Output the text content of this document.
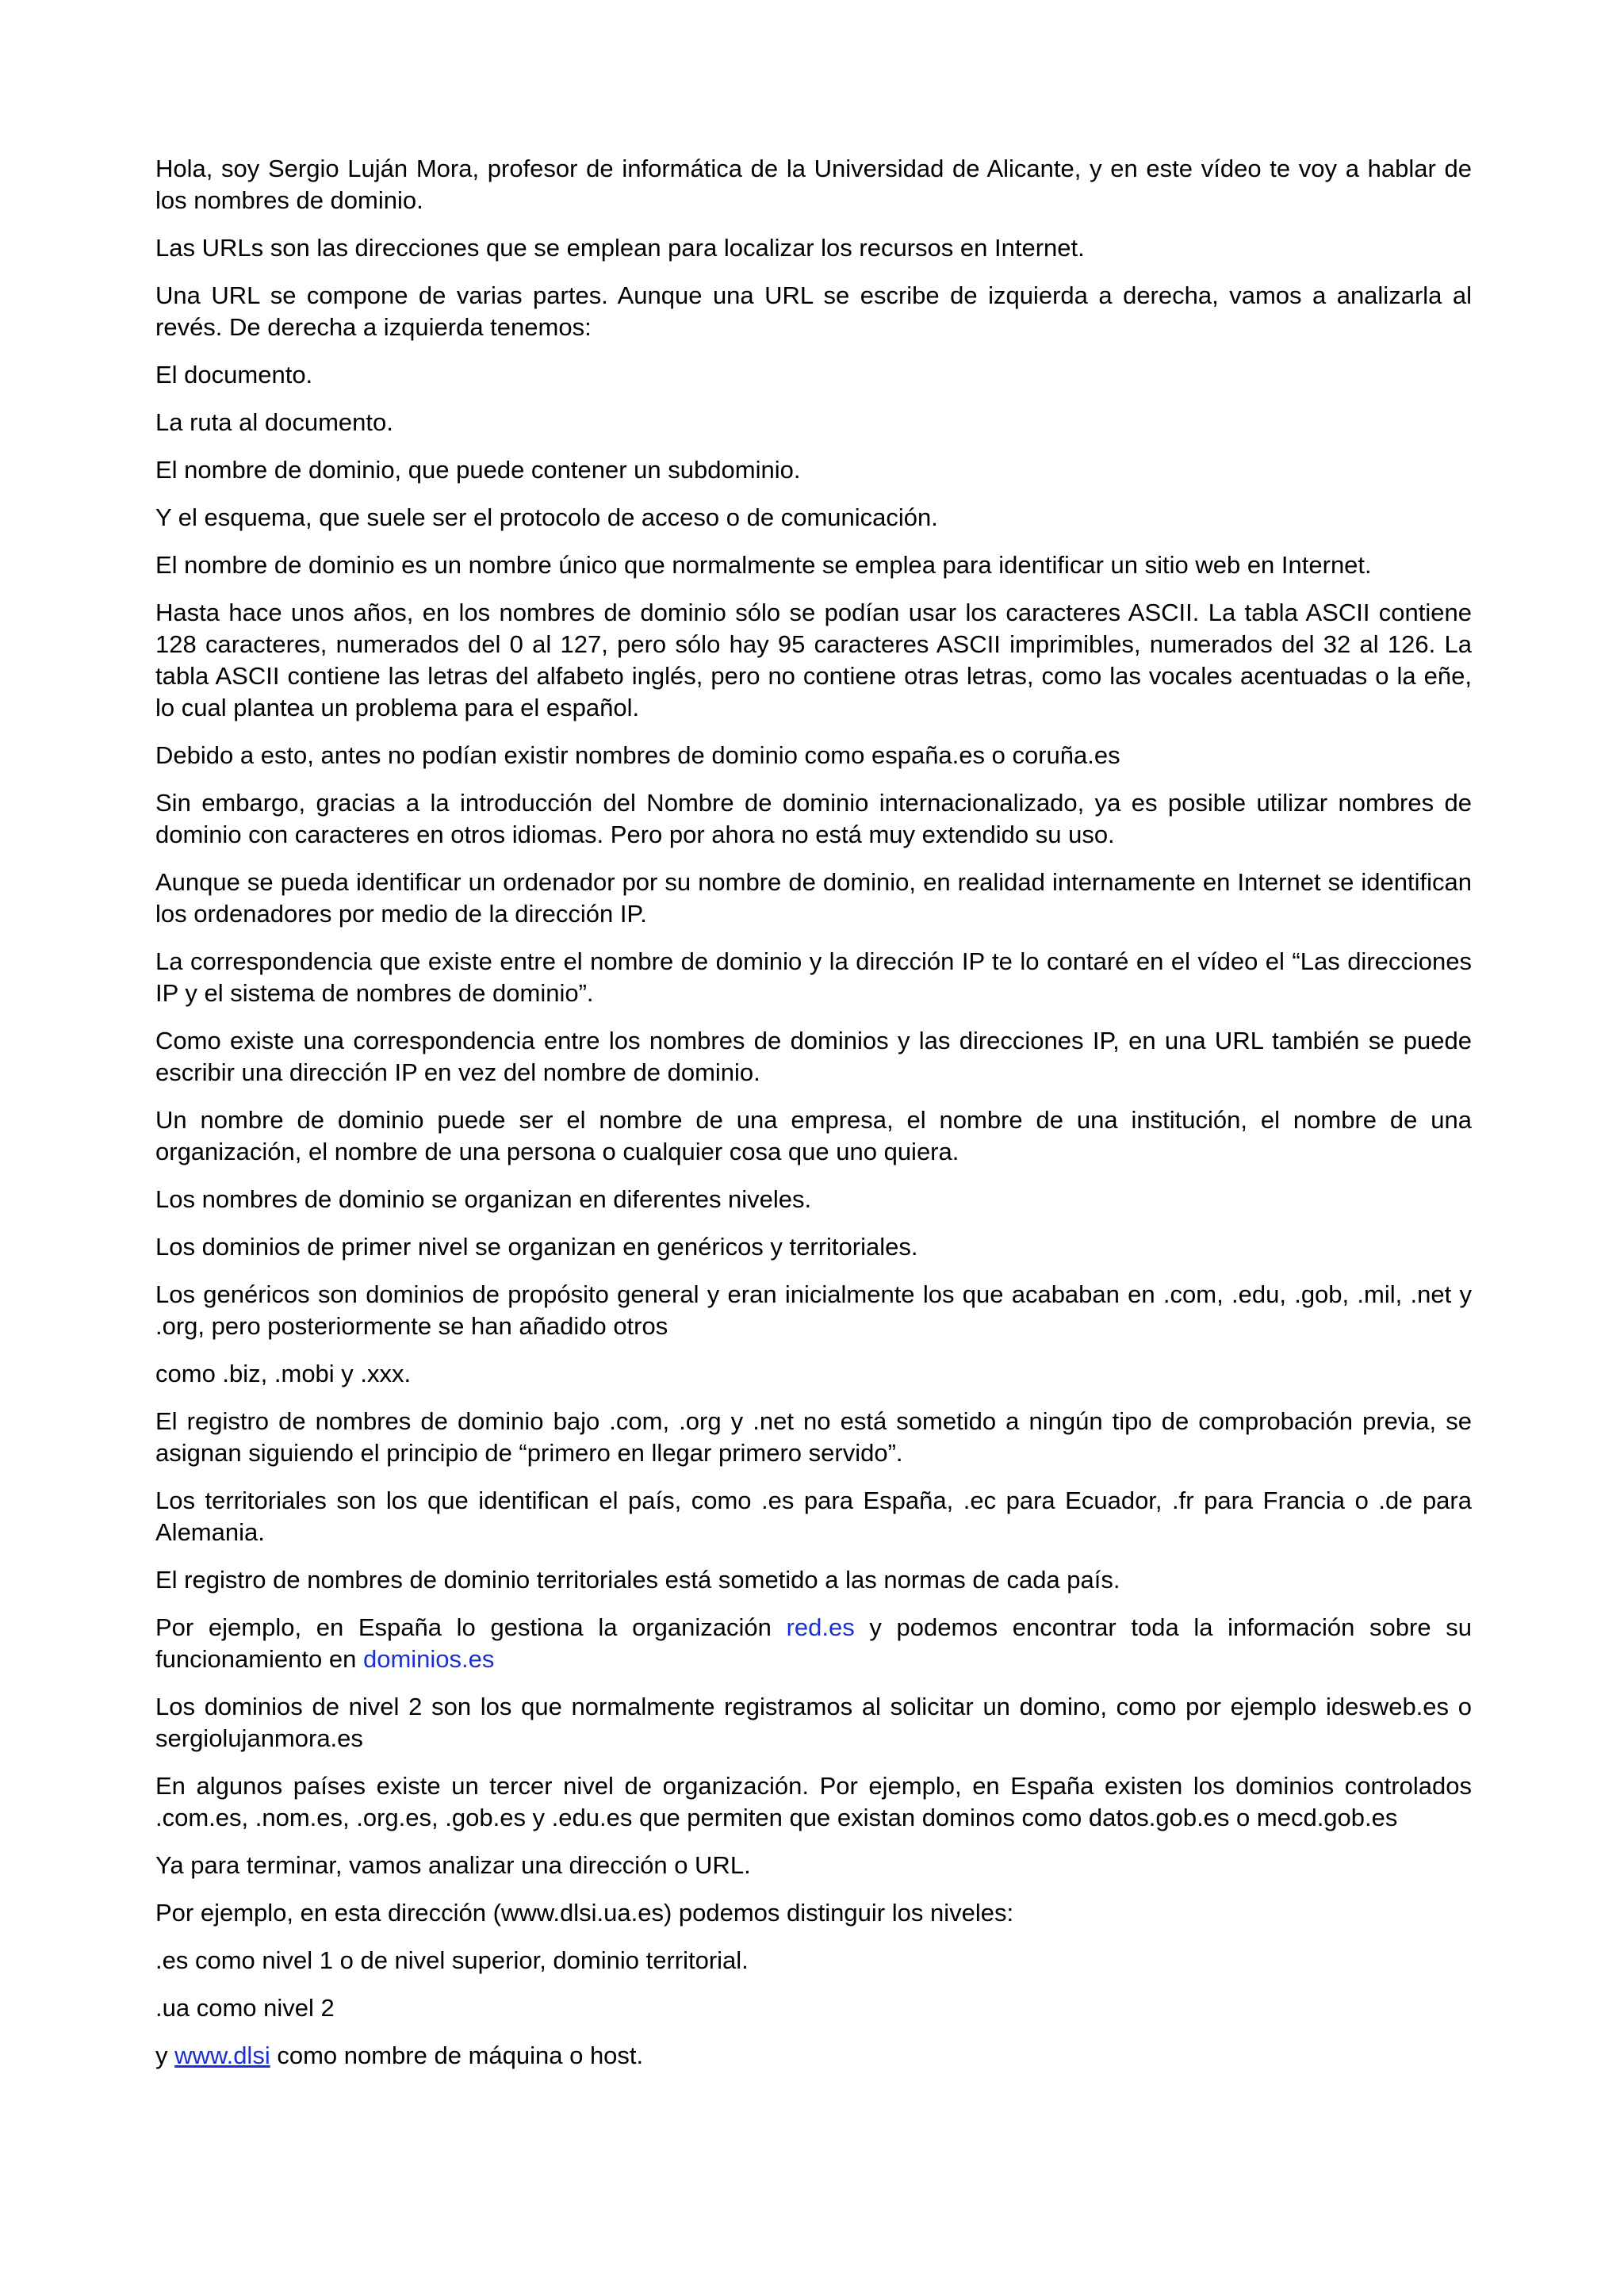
Hola, soy Sergio Luján Mora, profesor de informática de la Universidad de Alicante, y en este vídeo te voy a hablar de los nombres de dominio.

Las URLs son las direcciones que se emplean para localizar los recursos en Internet.

Una URL se compone de varias partes. Aunque una URL se escribe de izquierda a derecha, vamos a analizarla al revés. De derecha a izquierda tenemos:

El documento.

La ruta al documento.

El nombre de dominio, que puede contener un subdominio.

Y el esquema, que suele ser el protocolo de acceso o de comunicación.

El nombre de dominio es un nombre único que normalmente se emplea para identificar un sitio web en Internet.

Hasta hace unos años, en los nombres de dominio sólo se podían usar los caracteres ASCII. La tabla ASCII contiene 128 caracteres, numerados del 0 al 127, pero sólo hay 95 caracteres ASCII imprimibles, numerados del 32 al 126. La tabla ASCII contiene las letras del alfabeto inglés, pero no contiene otras letras, como las vocales acentuadas o la eñe, lo cual plantea un problema para el español.

Debido a esto, antes no podían existir nombres de dominio como españa.es o coruña.es

Sin embargo, gracias a la introducción del Nombre de dominio internacionalizado, ya es posible utilizar nombres de dominio con caracteres en otros idiomas. Pero por ahora no está muy extendido su uso.

Aunque se pueda identificar un ordenador por su nombre de dominio, en realidad internamente en Internet se identifican los ordenadores por medio de la dirección IP.

La correspondencia que existe entre el nombre de dominio y la dirección IP te lo contaré en el vídeo el “Las direcciones IP y el sistema de nombres de dominio”.

Como existe una correspondencia entre los nombres de dominios y las direcciones IP, en una URL también se puede escribir una dirección IP en vez del nombre de dominio.

Un nombre de dominio puede ser el nombre de una empresa, el nombre de una institución, el nombre de una organización, el nombre de una persona o cualquier cosa que uno quiera.

Los nombres de dominio se organizan en diferentes niveles.

Los dominios de primer nivel se organizan en genéricos y territoriales.

Los genéricos son dominios de propósito general y eran inicialmente los que acababan en .com, .edu, .gob, .mil, .net y .org, pero posteriormente se han añadido otros

como .biz, .mobi y .xxx.

El registro de nombres de dominio bajo .com, .org y .net no está sometido a ningún tipo de comprobación previa, se asignan siguiendo el principio de “primero en llegar primero servido”.

Los territoriales son los que identifican el país, como .es para España, .ec para Ecuador, .fr para Francia o .de para Alemania.

El registro de nombres de dominio territoriales está sometido a las normas de cada país.

Por ejemplo, en España lo gestiona la organización red.es y podemos encontrar toda la información sobre su funcionamiento en dominios.es

Los dominios de nivel 2 son los que normalmente registramos al solicitar un domino, como por ejemplo idesweb.es o sergiolujanmora.es

En algunos países existe un tercer nivel de organización. Por ejemplo, en España existen los dominios controlados .com.es, .nom.es, .org.es, .gob.es y .edu.es que permiten que existan dominos como datos.gob.es o mecd.gob.es

Ya para terminar, vamos analizar una dirección o URL.

Por ejemplo, en esta dirección (www.dlsi.ua.es) podemos distinguir los niveles:

.es como nivel 1 o de nivel superior, dominio territorial.

.ua como nivel 2

y www.dlsi como nombre de máquina o host.
